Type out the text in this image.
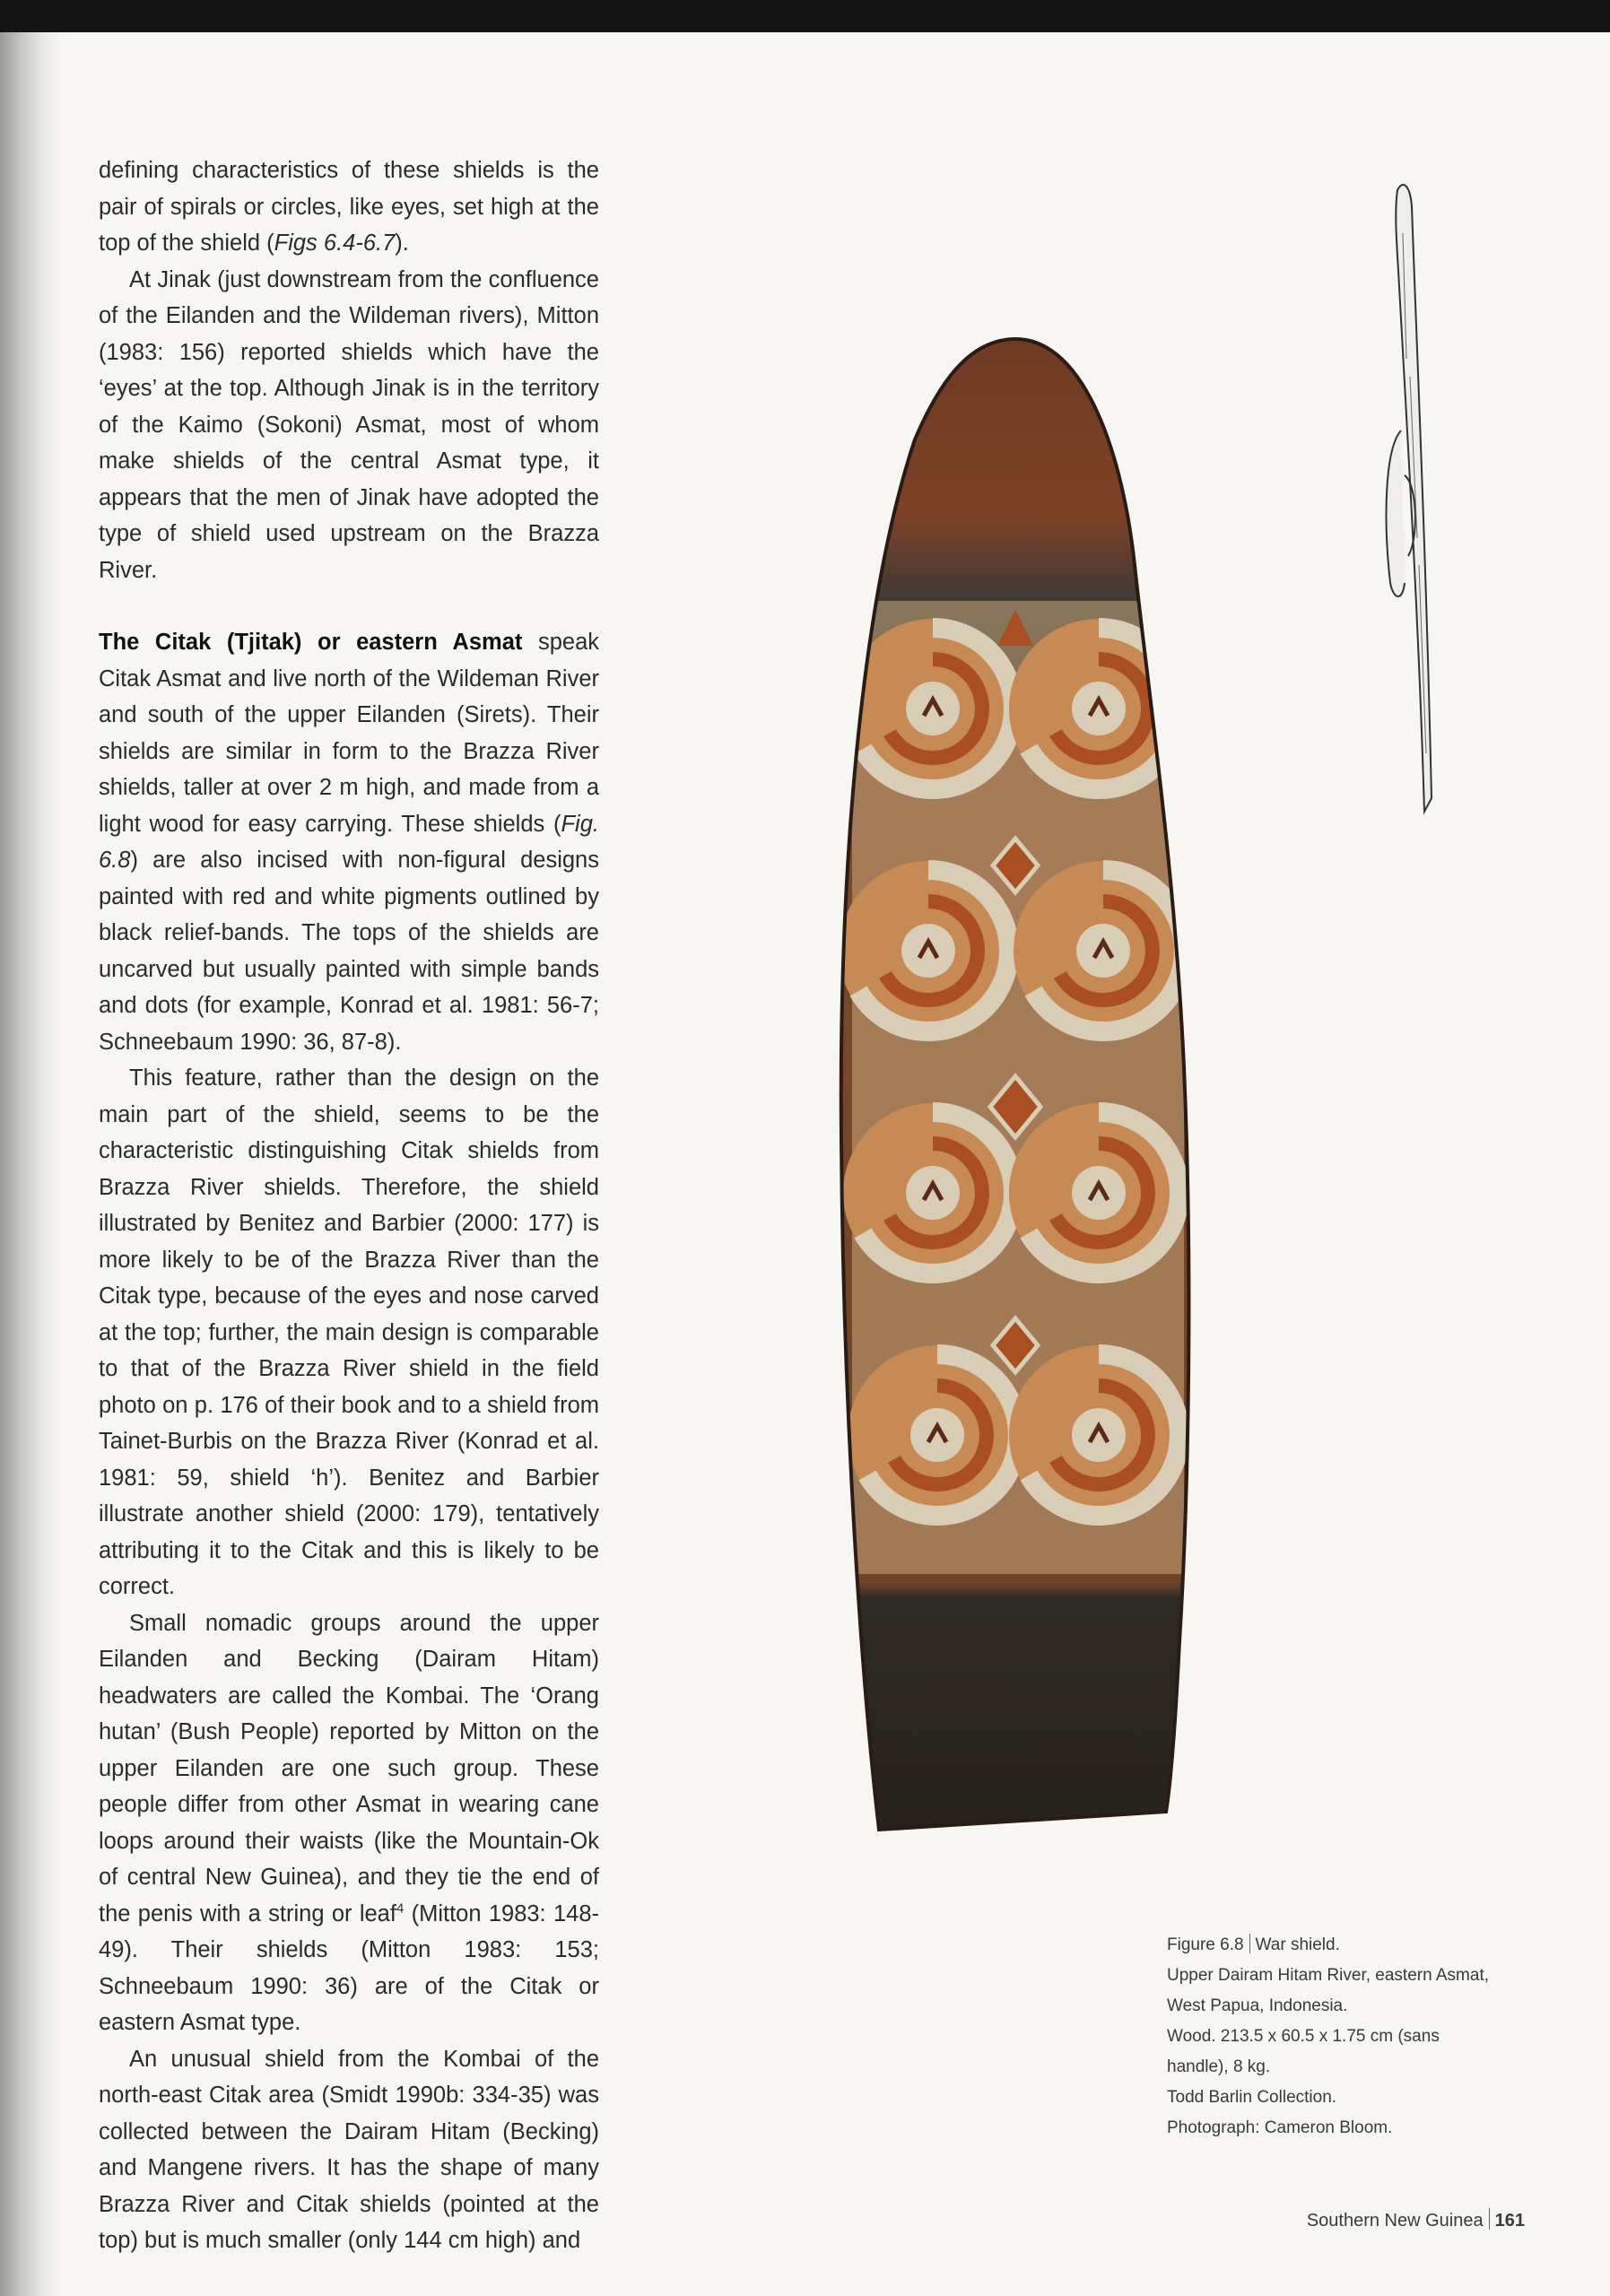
defining characteristics of these shields is the pair of spirals or circles, like eyes, set high at the top of the shield (Figs 6.4-6.7).

At Jinak (just downstream from the confluence of the Eilanden and the Wildeman rivers), Mitton (1983: 156) reported shields which have the ‘eyes’ at the top. Although Jinak is in the territory of the Kaimo (Sokoni) Asmat, most of whom make shields of the central Asmat type, it appears that the men of Jinak have adopted the type of shield used upstream on the Brazza River.

The Citak (Tjitak) or eastern Asmat speak Citak Asmat and live north of the Wildeman River and south of the upper Eilanden (Sirets). Their shields are similar in form to the Brazza River shields, taller at over 2 m high, and made from a light wood for easy carrying. These shields (Fig. 6.8) are also incised with non-figural designs painted with red and white pigments outlined by black relief-bands. The tops of the shields are uncarved but usually painted with simple bands and dots (for example, Konrad et al. 1981: 56-7; Schneebaum 1990: 36, 87-8).

This feature, rather than the design on the main part of the shield, seems to be the characteristic distinguishing Citak shields from Brazza River shields. Therefore, the shield illustrated by Benitez and Barbier (2000: 177) is more likely to be of the Brazza River than the Citak type, because of the eyes and nose carved at the top; further, the main design is comparable to that of the Brazza River shield in the field photo on p. 176 of their book and to a shield from Tainet-Burbis on the Brazza River (Konrad et al. 1981: 59, shield ‘h’). Benitez and Barbier illustrate another shield (2000: 179), tentatively attributing it to the Citak and this is likely to be correct.

Small nomadic groups around the upper Eilanden and Becking (Dairam Hitam) headwaters are called the Kombai. The ‘Orang hutan’ (Bush People) reported by Mitton on the upper Eilanden are one such group. These people differ from other Asmat in wearing cane loops around their waists (like the Mountain-Ok of central New Guinea), and they tie the end of the penis with a string or leaf$^4$ (Mitton 1983: 148-49). Their shields (Mitton 1983: 153; Schneebaum 1990: 36) are of the Citak or eastern Asmat type.

An unusual shield from the Kombai of the north-east Citak area (Smidt 1990b: 334-35) was collected between the Dairam Hitam (Becking) and Mangene rivers. It has the shape of many Brazza River and Citak shields (pointed at the top) but is much smaller (only 144 cm high) and

Figure 6.8 War shield.
Upper Dairam Hitam River, eastern Asmat,
West Papua, Indonesia.
Wood. 213.5 x 60.5 x 1.75 cm (sans
handle), 8 kg.
Todd Barlin Collection.
Photograph: Cameron Bloom.
Southern New Guinea 161
